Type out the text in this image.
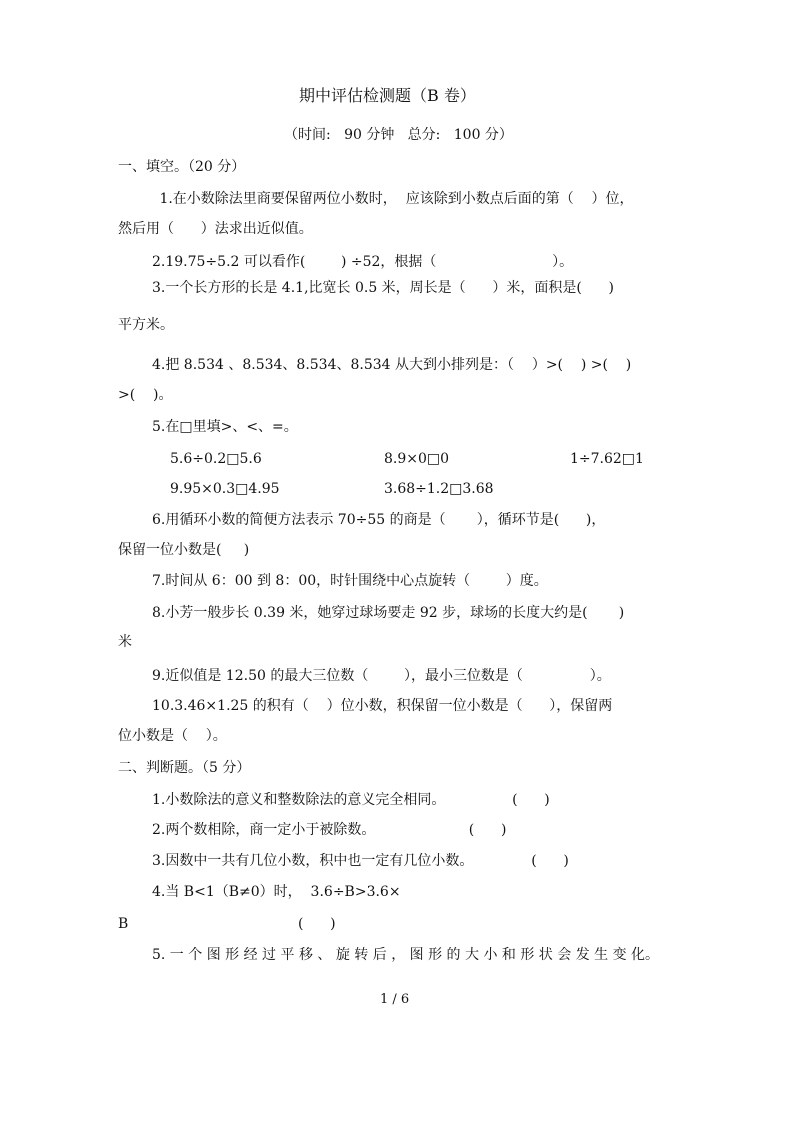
期中评估检测题（B 卷）
（时间:   90 分钟   总分:   100 分）
一、填空。（20 分）
1.在小数除法里商要保留两位小数时，  应该除到小数点后面的第（    ）位，
然后用（      ）法求出近似值。
2.19.75÷5.2 可以看作(        ) ÷52，根据（                          ）。
3.一个长方形的长是 4.1,比宽长 0.5 米，周长是（      ）米，面积是(      )
平方米。
4.把 8.534 、8.534、8.534、8.534 从大到小排列是：（    ）>(    ) >(    )
>(    )。
5.在□里填>、<、=。
5.6÷0.2□5.6	8.9×0□0	1÷7.62□1
9.95×0.3□4.95	3.68÷1.2□3.68
6.用循环小数的简便方法表示 70÷55 的商是（       ），循环节是(      )，
保留一位小数是(     )
7.时间从 6：00 到 8：00，时针围绕中心点旋转（        ）度。
8.小芳一般步长 0.39 米，她穿过球场要走 92 步，球场的长度大约是(       )
米
9.近似值是 12.50 的最大三位数（        ），最小三位数是（               ）。
10.3.46×1.25 的积有（    ）位小数，积保留一位小数是（      ），保留两
位小数是（    ）。
二、判断题。（5 分）
1.小数除法的意义和整数除法的意义完全相同。               (      )
2.两个数相除，商一定小于被除数。                     (      )
3.因数中一共有几位小数，积中也一定有几位小数。             (      )
4.当 B<1（B≠0）时，  3.6÷B>3.6×
B	(      )
5. 一 个 图 形 经 过 平 移 、 旋 转 后 ， 图 形 的 大 小 和 形 状 会 发 生 变 化。
1 / 6
